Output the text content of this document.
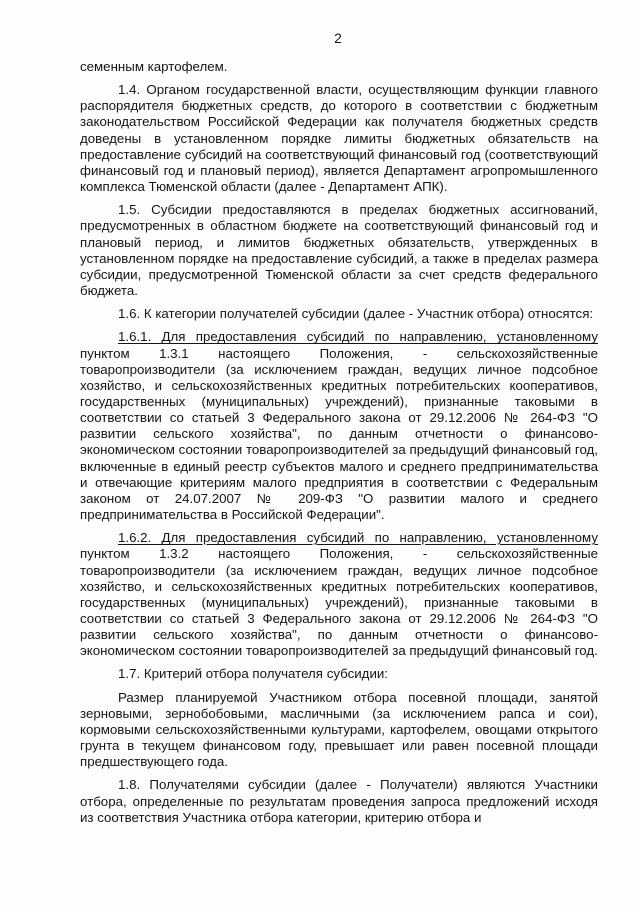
2

семенным картофелем.

1.4. Органом государственной власти, осуществляющим функции главного распорядителя бюджетных средств, до которого в соответствии с бюджетным законодательством Российской Федерации как получателя бюджетных средств доведены в установленном порядке лимиты бюджетных обязательств на предоставление субсидий на соответствующий финансовый год (соответствующий финансовый год и плановый период), является Департамент агропромышленного комплекса Тюменской области (далее - Департамент АПК).

1.5. Субсидии предоставляются в пределах бюджетных ассигнований, предусмотренных в областном бюджете на соответствующий финансовый год и плановый период, и лимитов бюджетных обязательств, утвержденных в установленном порядке на предоставление субсидий, а также в пределах размера субсидии, предусмотренной Тюменской области за счет средств федерального бюджета.

1.6. К категории получателей субсидии (далее - Участник отбора) относятся:

1.6.1. Для предоставления субсидий по направлению, установленному пунктом 1.3.1 настоящего Положения, - сельскохозяйственные товаропроизводители (за исключением граждан, ведущих личное подсобное хозяйство, и сельскохозяйственных кредитных потребительских кооперативов, государственных (муниципальных) учреждений), признанные таковыми в соответствии со статьей 3 Федерального закона от 29.12.2006 № 264-ФЗ "О развитии сельского хозяйства", по данным отчетности о финансово-экономическом состоянии товаропроизводителей за предыдущий финансовый год, включенные в единый реестр субъектов малого и среднего предпринимательства и отвечающие критериям малого предприятия в соответствии с Федеральным законом от 24.07.2007 № 209-ФЗ "О развитии малого и среднего предпринимательства в Российской Федерации".

1.6.2. Для предоставления субсидий по направлению, установленному пунктом 1.3.2 настоящего Положения, - сельскохозяйственные товаропроизводители (за исключением граждан, ведущих личное подсобное хозяйство, и сельскохозяйственных кредитных потребительских кооперативов, государственных (муниципальных) учреждений), признанные таковыми в соответствии со статьей 3 Федерального закона от 29.12.2006 № 264-ФЗ "О развитии сельского хозяйства", по данным отчетности о финансово-экономическом состоянии товаропроизводителей за предыдущий финансовый год.

1.7. Критерий отбора получателя субсидии:

Размер планируемой Участником отбора посевной площади, занятой зерновыми, зернобобовыми, масличными (за исключением рапса и сои), кормовыми сельскохозяйственными культурами, картофелем, овощами открытого грунта в текущем финансовом году, превышает или равен посевной площади предшествующего года.

1.8. Получателями субсидии (далее - Получатели) являются Участники отбора, определенные по результатам проведения запроса предложений исходя из соответствия Участника отбора категории, критерию отбора и
